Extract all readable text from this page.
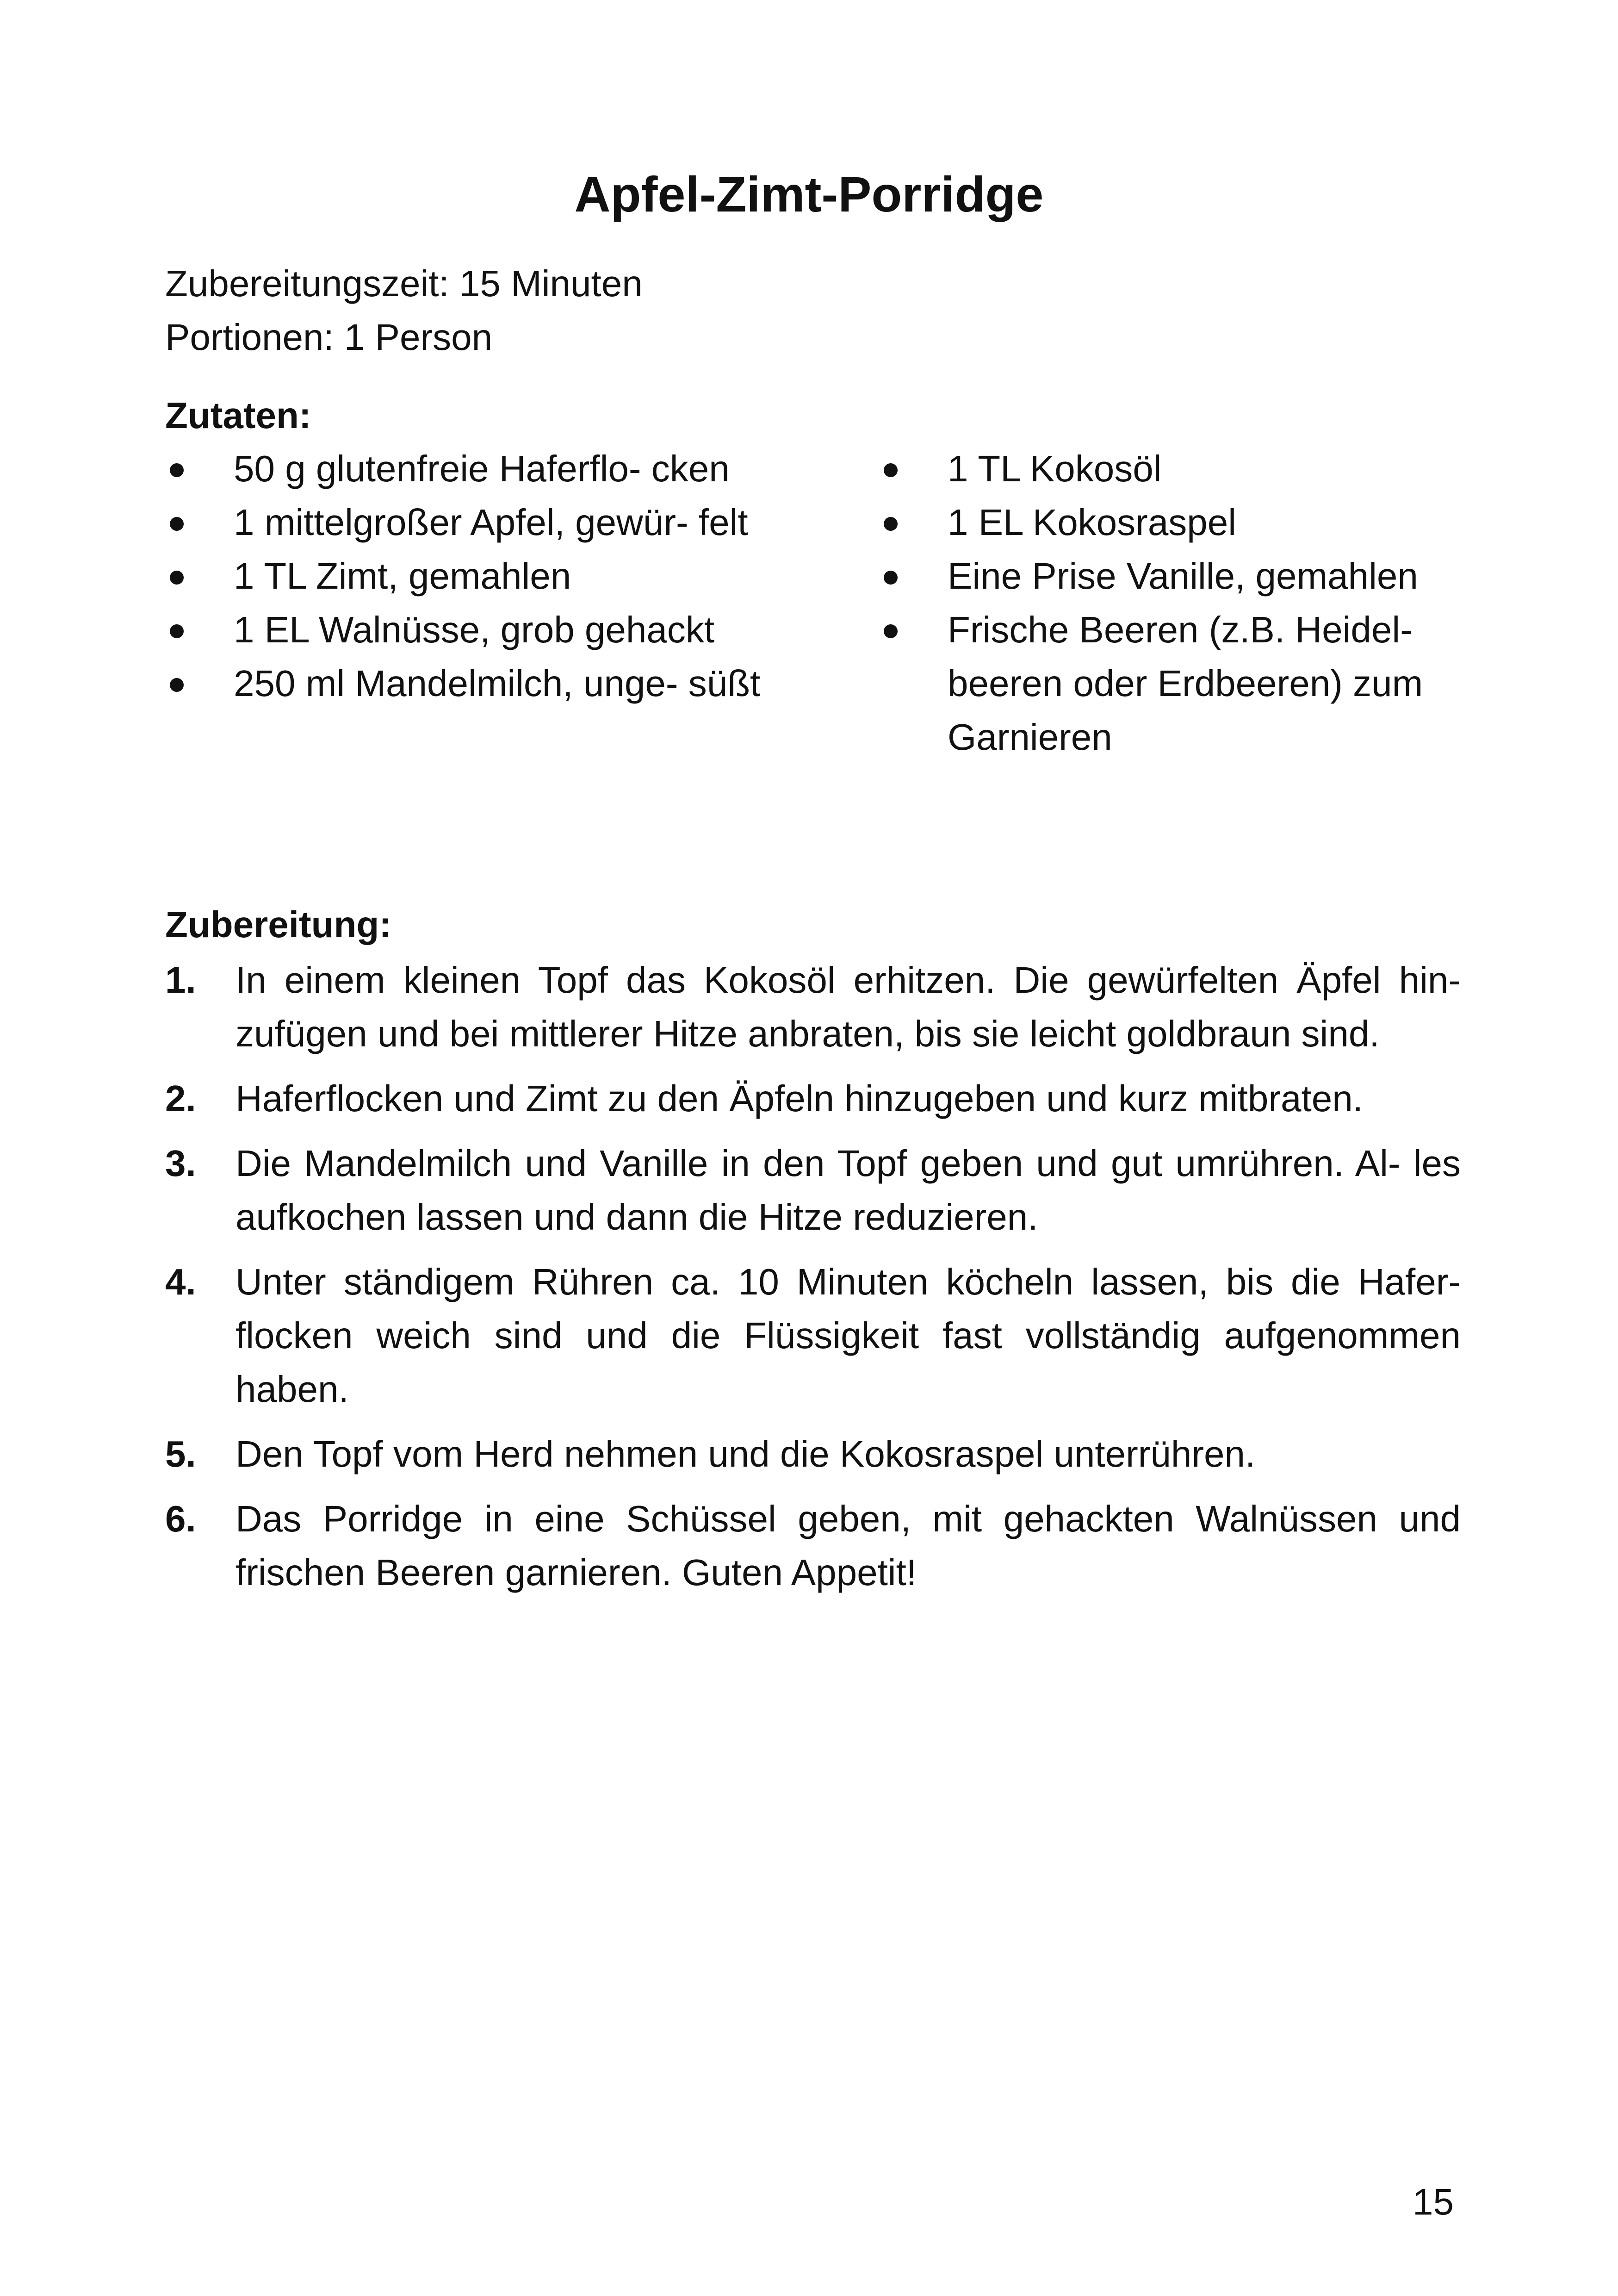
Apfel-Zimt-Porridge
Zubereitungszeit: 15 Minuten
Portionen: 1 Person
Zutaten:
50 g glutenfreie Haferflo- cken
1 mittelgroßer Apfel, gewür- felt
1 TL Zimt, gemahlen
1 EL Walnüsse, grob gehackt
250 ml Mandelmilch, unge- süßt
1 TL Kokosöl
1 EL Kokosraspel
Eine Prise Vanille, gemahlen
Frische Beeren (z.B. Heidel- beeren oder Erdbeeren) zum Garnieren
Zubereitung:
1. In einem kleinen Topf das Kokosöl erhitzen. Die gewürfelten Äpfel hin- zufügen und bei mittlerer Hitze anbraten, bis sie leicht goldbraun sind.
2. Haferflocken und Zimt zu den Äpfeln hinzugeben und kurz mitbraten.
3. Die Mandelmilch und Vanille in den Topf geben und gut umrühren. Al- les aufkochen lassen und dann die Hitze reduzieren.
4. Unter ständigem Rühren ca. 10 Minuten köcheln lassen, bis die Hafer- flocken weich sind und die Flüssigkeit fast vollständig aufgenommen haben.
5. Den Topf vom Herd nehmen und die Kokosraspel unterrühren.
6. Das Porridge in eine Schüssel geben, mit gehackten Walnüssen und frischen Beeren garnieren. Guten Appetit!
15
